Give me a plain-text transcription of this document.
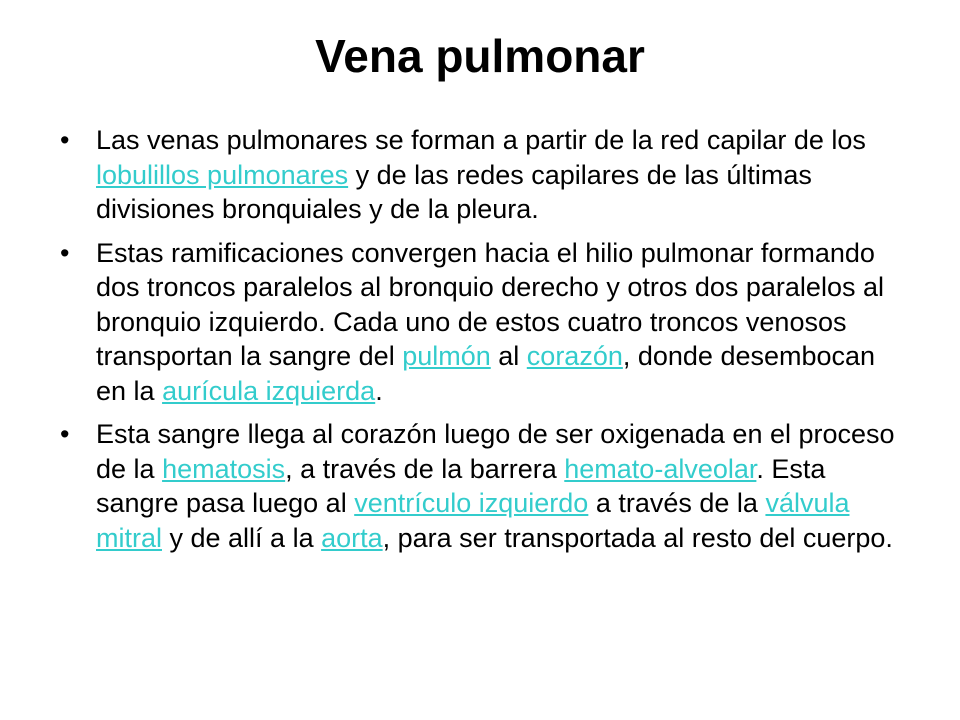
Vena pulmonar
• Las venas pulmonares se forman a partir de la red capilar de los lobulillos pulmonares y de las redes capilares de las últimas divisiones bronquiales y de la pleura.
• Estas ramificaciones convergen hacia el hilio pulmonar formando dos troncos paralelos al bronquio derecho y otros dos paralelos al bronquio izquierdo. Cada uno de estos cuatro troncos venosos transportan la sangre del pulmón al corazón, donde desembocan en la aurícula izquierda.
• Esta sangre llega al corazón luego de ser oxigenada en el proceso de la hematosis, a través de la barrera hemato-alveolar. Esta sangre pasa luego al ventrículo izquierdo a través de la válvula mitral y de allí a la aorta, para ser transportada al resto del cuerpo.
